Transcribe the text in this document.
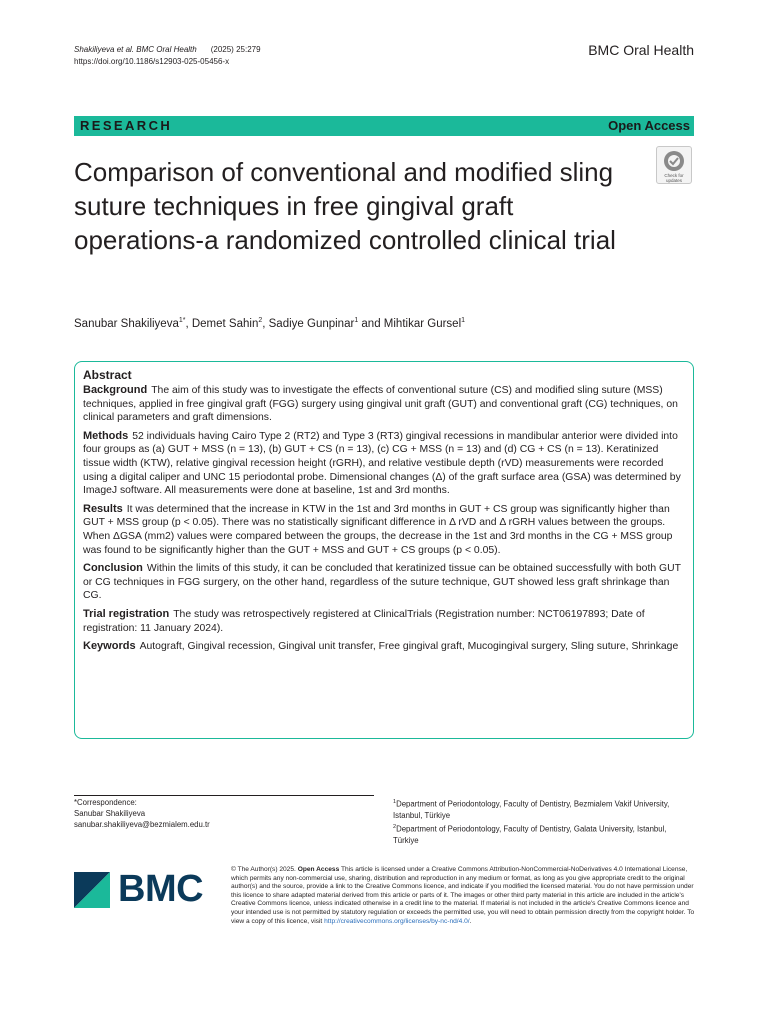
Shakiliyeva et al. BMC Oral Health (2025) 25:279
https://doi.org/10.1186/s12903-025-05456-x
BMC Oral Health
RESEARCH	Open Access
Comparison of conventional and modified sling suture techniques in free gingival graft operations-a randomized controlled clinical trial
Check for updates
Sanubar Shakiliyeva$^{1*}$, Demet Sahin$^2$, Sadiye Gunpinar$^1$ and Mihtikar Gursel$^1$
Abstract

Background The aim of this study was to investigate the effects of conventional suture (CS) and modified sling suture (MSS) techniques, applied in free gingival graft (FGG) surgery using gingival unit graft (GUT) and conventional graft (CG) techniques, on clinical parameters and graft dimensions.

Methods 52 individuals having Cairo Type 2 (RT2) and Type 3 (RT3) gingival recessions in mandibular anterior were divided into four groups as (a) GUT + MSS (n = 13), (b) GUT + CS (n = 13), (c) CG + MSS (n = 13) and (d) CG + CS (n = 13). Keratinized tissue width (KTW), relative gingival recession height (rGRH), and relative vestibule depth (rVD) measurements were recorded using a digital caliper and UNC 15 periodontal probe. Dimensional changes (Δ) of the graft surface area (GSA) was determined by ImageJ software. All measurements were done at baseline, 1st and 3rd months.

Results It was determined that the increase in KTW in the 1st and 3rd months in GUT + CS group was significantly higher than GUT + MSS group (p < 0.05). There was no statistically significant difference in Δ rVD and Δ rGRH values between the groups. When ΔGSA (mm2) values were compared between the groups, the decrease in the 1st and 3rd months in the CG + MSS group was found to be significantly higher than the GUT + MSS and GUT + CS groups (p < 0.05).

Conclusion Within the limits of this study, it can be concluded that keratinized tissue can be obtained successfully with both GUT or CG techniques in FGG surgery, on the other hand, regardless of the suture technique, GUT showed less graft shrinkage than CG.

Trial registration The study was retrospectively registered at ClinicalTrials (Registration number: NCT06197893; Date of registration: 11 January 2024).

Keywords Autograft, Gingival recession, Gingival unit transfer, Free gingival graft, Mucogingival surgery, Sling suture, Shrinkage

*Correspondence:
Sanubar Shakiliyeva
sanubar.shakiliyeva@bezmialem.edu.tr
$^1$Department of Periodontology, Faculty of Dentistry, Bezmialem Vakif University, Istanbul, Türkiye
$^2$Department of Periodontology, Faculty of Dentistry, Galata University, Istanbul, Türkiye
BMC	© The Author(s) 2025. Open Access This article is licensed under a Creative Commons Attribution-NonCommercial-NoDerivatives 4.0 International License, which permits any non-commercial use, sharing, distribution and reproduction in any medium or format, as long as you give appropriate credit to the original author(s) and the source, provide a link to the Creative Commons licence, and indicate if you modified the licensed material. You do not have permission under this licence to share adapted material derived from this article or parts of it. The images or other third party material in this article are included in the article's Creative Commons licence, unless indicated otherwise in a credit line to the material. If material is not included in the article's Creative Commons licence and your intended use is not permitted by statutory regulation or exceeds the permitted use, you will need to obtain permission directly from the copyright holder. To view a copy of this licence, visit http://creativecommons.org/licenses/by-nc-nd/4.0/.
